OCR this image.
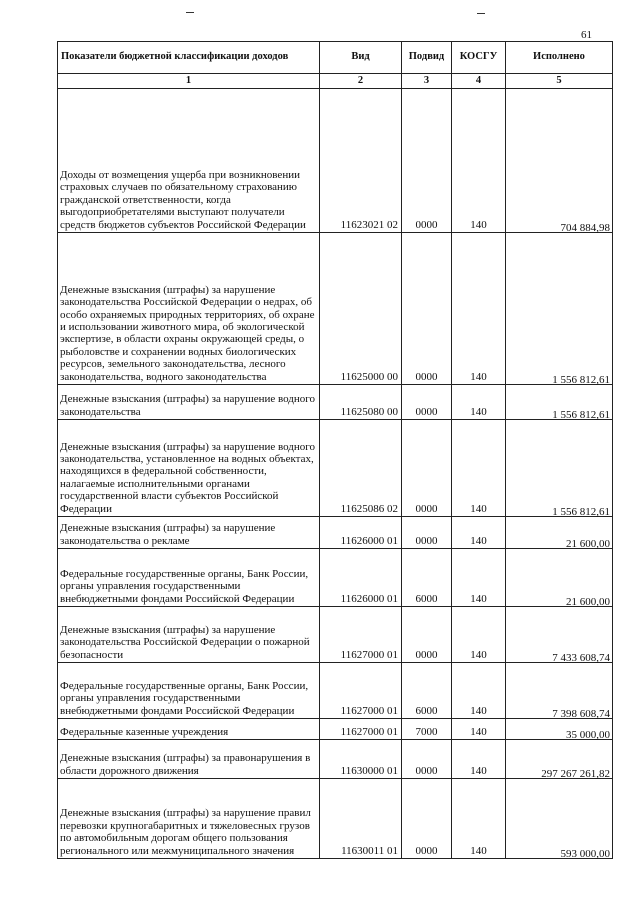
61
Показатели бюджетной классификации доходов	Вид	Подвид	КОСГУ	Исполнено
1	2	3	4	5
Доходы от возмещения ущерба при возникновении страховых случаев по обязательному страхованию гражданской ответственности, когда выгодоприобретателями выступают получатели средств бюджетов субъектов Российской Федерации	11623021 02	0000	140	704 884,98
Денежные взыскания (штрафы) за нарушение законодательства Российской Федерации о недрах, об особо охраняемых природных территориях, об охране и использовании животного мира, об экологической экспертизе, в области охраны окружающей среды, о рыболовстве и сохранении водных биологических ресурсов, земельного законодательства, лесного законодательства, водного законодательства	11625000 00	0000	140	1 556 812,61
Денежные взыскания (штрафы) за нарушение водного законодательства	11625080 00	0000	140	1 556 812,61
Денежные взыскания (штрафы) за нарушение водного законодательства, установленное на водных объектах, находящихся в федеральной собственности, налагаемые исполнительными органами государственной власти субъектов Российской Федерации	11625086 02	0000	140	1 556 812,61
Денежные взыскания (штрафы) за нарушение законодательства о рекламе	11626000 01	0000	140	21 600,00
Федеральные государственные органы, Банк России, органы управления государственными внебюджетными фондами Российской Федерации	11626000 01	6000	140	21 600,00
Денежные взыскания (штрафы) за нарушение законодательства Российской Федерации о пожарной безопасности	11627000 01	0000	140	7 433 608,74
Федеральные государственные органы, Банк России, органы управления государственными внебюджетными фондами Российской Федерации	11627000 01	6000	140	7 398 608,74
Федеральные казенные учреждения	11627000 01	7000	140	35 000,00
Денежные взыскания (штрафы) за правонарушения в области дорожного движения	11630000 01	0000	140	297 267 261,82
Денежные взыскания (штрафы) за нарушение правил перевозки крупногабаритных и тяжеловесных грузов по автомобильным дорогам общего пользования регионального или межмуниципального значения	11630011 01	0000	140	593 000,00
